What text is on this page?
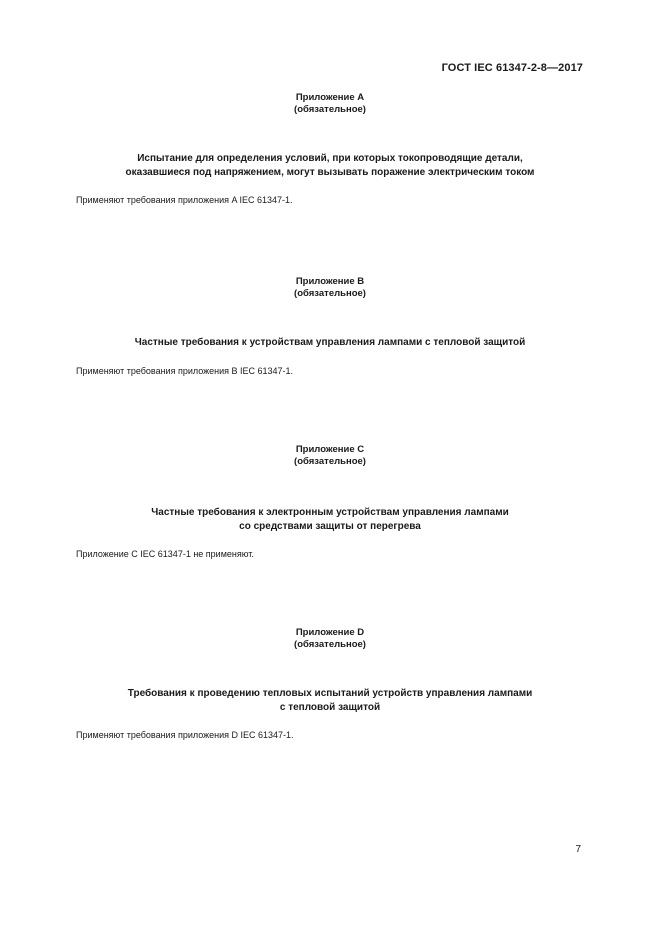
ГОСТ IEC 61347-2-8—2017
Приложение A
(обязательное)
Испытание для определения условий, при которых токопроводящие детали,
оказавшиеся под напряжением, могут вызывать поражение электрическим током
Применяют требования приложения A IEC 61347-1.
Приложение B
(обязательное)
Частные требования к устройствам управления лампами с тепловой защитой
Применяют требования приложения B IEC 61347-1.
Приложение C
(обязательное)
Частные требования к электронным устройствам управления лампами
со средствами защиты от перегрева
Приложение C IEC 61347-1 не применяют.
Приложение D
(обязательное)
Требования к проведению тепловых испытаний устройств управления лампами
с тепловой защитой
Применяют требования приложения D IEC 61347-1.
7
